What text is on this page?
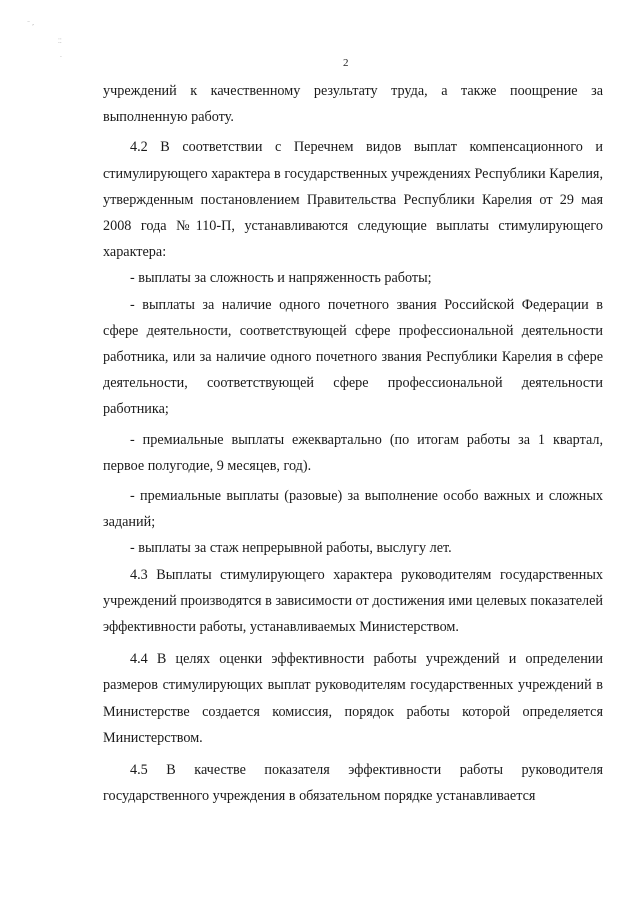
⁻ ,
⁚⁚
·	2

учреждений к качественному результату труда, а также поощрение за выполненную работу.

4.2 В соответствии с Перечнем видов выплат компенсационного и стимулирующего характера в государственных учреждениях Республики Карелия, утвержденным постановлением Правительства Республики Карелия от 29 мая 2008 года №110-П, устанавливаются следующие выплаты стимулирующего характера:

- выплаты за сложность и напряженность работы;

- выплаты за наличие одного почетного звания Российской Федерации в сфере деятельности, соответствующей сфере профессиональной деятельности работника, или за наличие одного почетного звания Республики Карелия в сфере деятельности, соответствующей сфере профессиональной деятельности работника;

- премиальные выплаты ежеквартально (по итогам работы за 1 квартал, первое полугодие, 9 месяцев, год).

- премиальные выплаты (разовые) за выполнение особо важных и сложных заданий;

- выплаты за стаж непрерывной работы, выслугу лет.

4.3 Выплаты стимулирующего характера руководителям государственных учреждений производятся в зависимости от достижения ими целевых показателей эффективности работы, устанавливаемых Министерством.

4.4 В целях оценки эффективности работы учреждений и определении размеров стимулирующих выплат руководителям государственных учреждений в Министерстве создается комиссия, порядок работы которой определяется Министерством.

4.5 В качестве показателя эффективности работы руководителя государственного учреждения в обязательном порядке устанавливается
